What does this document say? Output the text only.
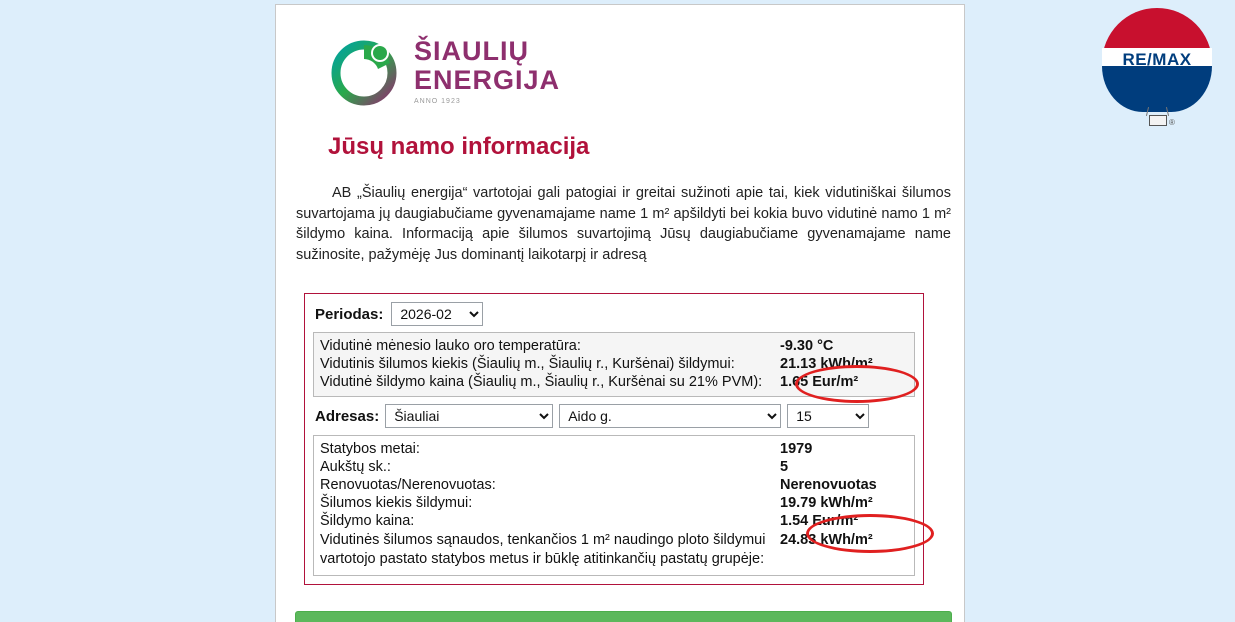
ŠIAULIŲ
ENERGIJA
ANNO 1923
Jūsų namo informacija
AB „Šiaulių energija“ vartotojai gali patogiai ir greitai sužinoti apie tai, kiek vidutiniškai šilumos suvartojama jų daugiabučiame gyvenamajame name 1 m² apšildyti bei kokia buvo vidutinė namo 1 m² šildymo kaina. Informaciją apie šilumos suvartojimą Jūsų daugiabučiame gyvenamajame name sužinosite, pažymėję Jus dominantį laikotarpį ir adresą
Periodas:
2026-02
Vidutinė mėnesio lauko oro temperatūra:	-9.30 °C
Vidutinis šilumos kiekis (Šiaulių m., Šiaulių r., Kuršėnai) šildymui:	21.13 kWh/m²
Vidutinė šildymo kaina (Šiaulių m., Šiaulių r., Kuršėnai su 21% PVM):	1.65 Eur/m²
Adresas:
Šiauliai
Aido g.
15
Statybos metai:	1979
Aukštų sk.:	5
Renovuotas/Nerenovuotas:	Nerenovuotas
Šilumos kiekis šildymui:	19.79 kWh/m²
Šildymo kaina:	1.54 Eur/m²
Vidutinės šilumos sąnaudos, tenkančios 1 m² naudingo ploto šildymui
vartotojo pastato statybos metus ir būklę atitinkančių pastatų grupėje:
24.83 kWh/m²
RE/MAX
®
